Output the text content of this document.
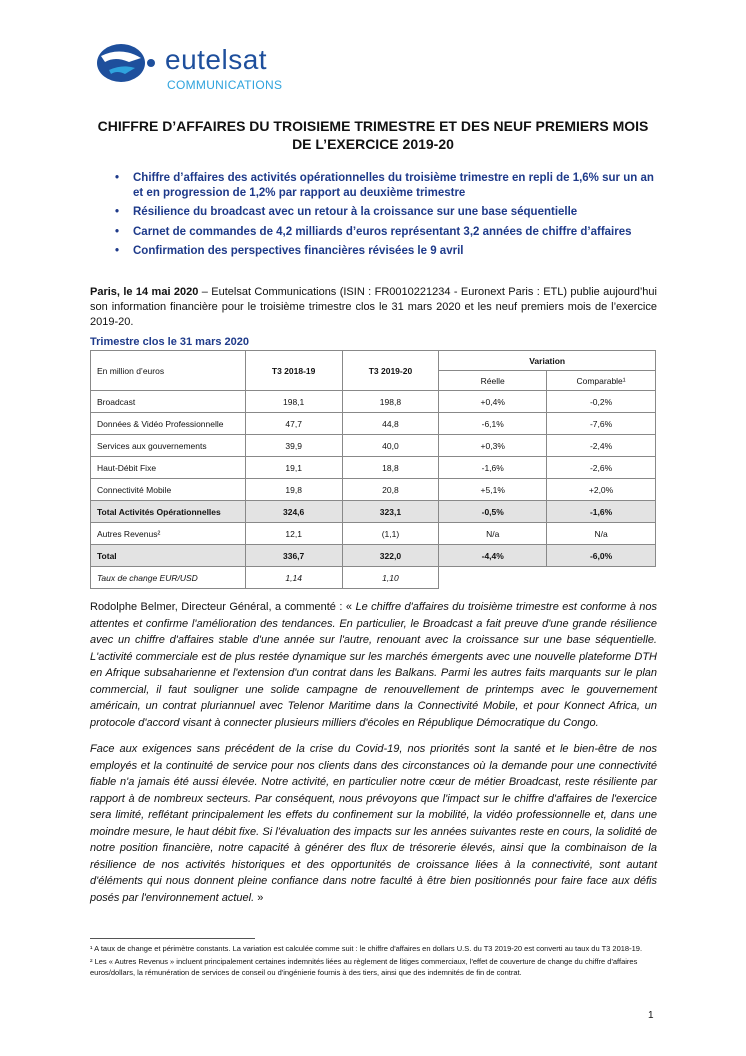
eutelsat
COMMUNICATIONS
CHIFFRE D’AFFAIRES DU TROISIEME TRIMESTRE ET DES NEUF PREMIERS MOIS
DE L’EXERCICE 2019-20
• Chiffre d’affaires des activités opérationnelles du troisième trimestre en repli de 1,6% sur un an et en progression de 1,2% par rapport au deuxième trimestre
• Résilience du broadcast avec un retour à la croissance sur une base séquentielle
• Carnet de commandes de 4,2 milliards d’euros représentant 3,2 années de chiffre d’affaires
• Confirmation des perspectives financières révisées le 9 avril
Paris, le 14 mai 2020 – Eutelsat Communications (ISIN : FR0010221234 - Euronext Paris : ETL) publie aujourd’hui son information financière pour le troisième trimestre clos le 31 mars 2020 et les neuf premiers mois de l’exercice 2019-20.
Trimestre clos le 31 mars 2020
En million d’euros	T3 2018-19	T3 2019-20	Variation	
			Réelle	Comparable¹
Broadcast	198,1	198,8	+0,4%	-0,2%
Données & Vidéo Professionnelle	47,7	44,8	-6,1%	-7,6%
Services aux gouvernements	39,9	40,0	+0,3%	-2,4%
Haut-Débit Fixe	19,1	18,8	-1,6%	-2,6%
Connectivité Mobile	19,8	20,8	+5,1%	+2,0%
Total Activités Opérationnelles	324,6	323,1	-0,5%	-1,6%
Autres Revenus²	12,1	(1,1)	N/a	N/a
Total	336,7	322,0	-4,4%	-6,0%
Taux de change EUR/USD	1,14	1,10		

Rodolphe Belmer, Directeur Général, a commenté : « Le chiffre d'affaires du troisième trimestre est conforme à nos attentes et confirme l'amélioration des tendances. En particulier, le Broadcast a fait preuve d'une grande résilience avec un chiffre d'affaires stable d'une année sur l'autre, renouant avec la croissance sur une base séquentielle. L'activité commerciale est de plus restée dynamique sur les marchés émergents avec une nouvelle plateforme DTH en Afrique subsaharienne et l'extension d'un contrat dans les Balkans. Parmi les autres faits marquants sur le plan commercial, il faut souligner une solide campagne de renouvellement de printemps avec le gouvernement américain, un contrat pluriannuel avec Telenor Maritime dans la Connectivité Mobile, et pour Konnect Africa, un protocole d'accord visant à connecter plusieurs milliers d'écoles en République Démocratique du Congo.

Face aux exigences sans précédent de la crise du Covid-19, nos priorités sont la santé et le bien-être de nos employés et la continuité de service pour nos clients dans des circonstances où la demande pour une connectivité fiable n'a jamais été aussi élevée. Notre activité, en particulier notre cœur de métier Broadcast, reste résiliente par rapport à de nombreux secteurs. Par conséquent, nous prévoyons que l'impact sur le chiffre d'affaires de l'exercice sera limité, reflétant principalement les effets du confinement sur la mobilité, la vidéo professionnelle et, dans une moindre mesure, le haut débit fixe. Si l'évaluation des impacts sur les années suivantes reste en cours, la solidité de notre position financière, notre capacité à générer des flux de trésorerie élevés, ainsi que la combinaison de la résilience de nos activités historiques et des opportunités de croissance liées à la connectivité, sont autant d'éléments qui nous donnent pleine confiance dans notre faculté à être bien positionnés pour faire face aux défis posés par l'environnement actuel. »

¹ A taux de change et périmètre constants. La variation est calculée comme suit : le chiffre d'affaires en dollars U.S. du T3 2019-20 est converti au taux du T3 2018-19.

² Les « Autres Revenus » incluent principalement certaines indemnités liées au règlement de litiges commerciaux, l'effet de couverture de change du chiffre d'affaires euros/dollars, la rémunération de services de conseil ou d'ingénierie fournis à des tiers, ainsi que des indemnités de fin de contrat.

1
